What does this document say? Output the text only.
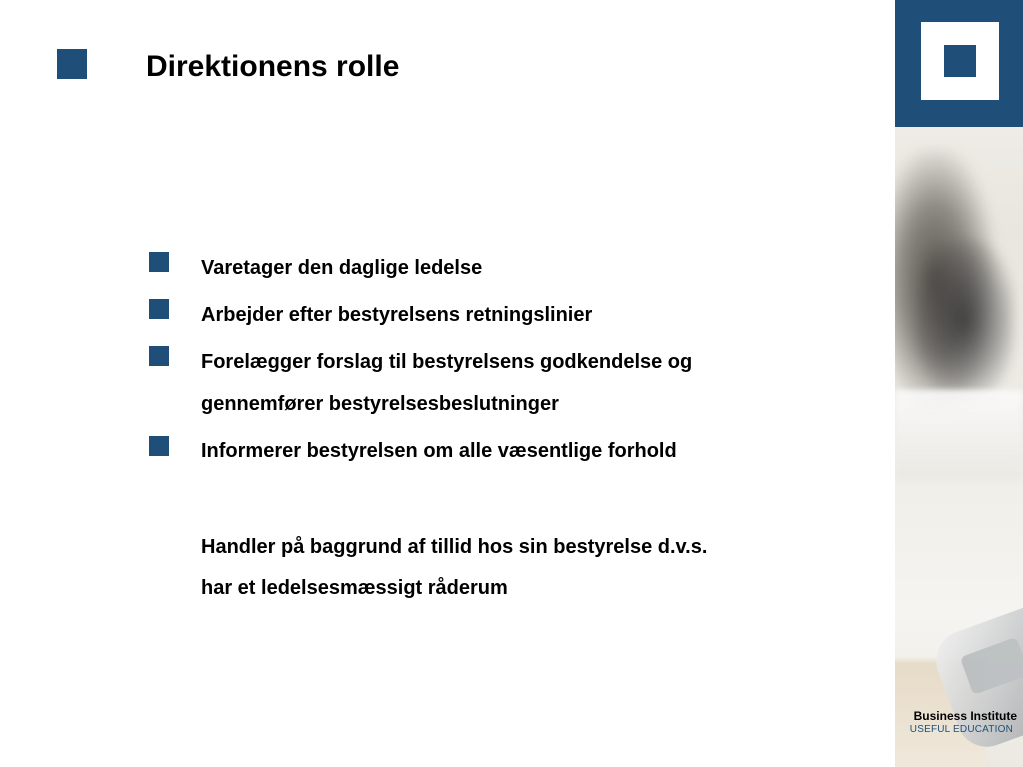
Direktionens rolle
Varetager den daglige ledelse
Arbejder efter bestyrelsens retningslinier
Forelægger forslag til bestyrelsens godkendelse og
gennemfører bestyrelsesbeslutninger
Informerer bestyrelsen om alle væsentlige forhold
Handler på baggrund af tillid hos sin bestyrelse d.v.s.
har et ledelsesmæssigt råderum
Business Institute
USEFUL EDUCATION
